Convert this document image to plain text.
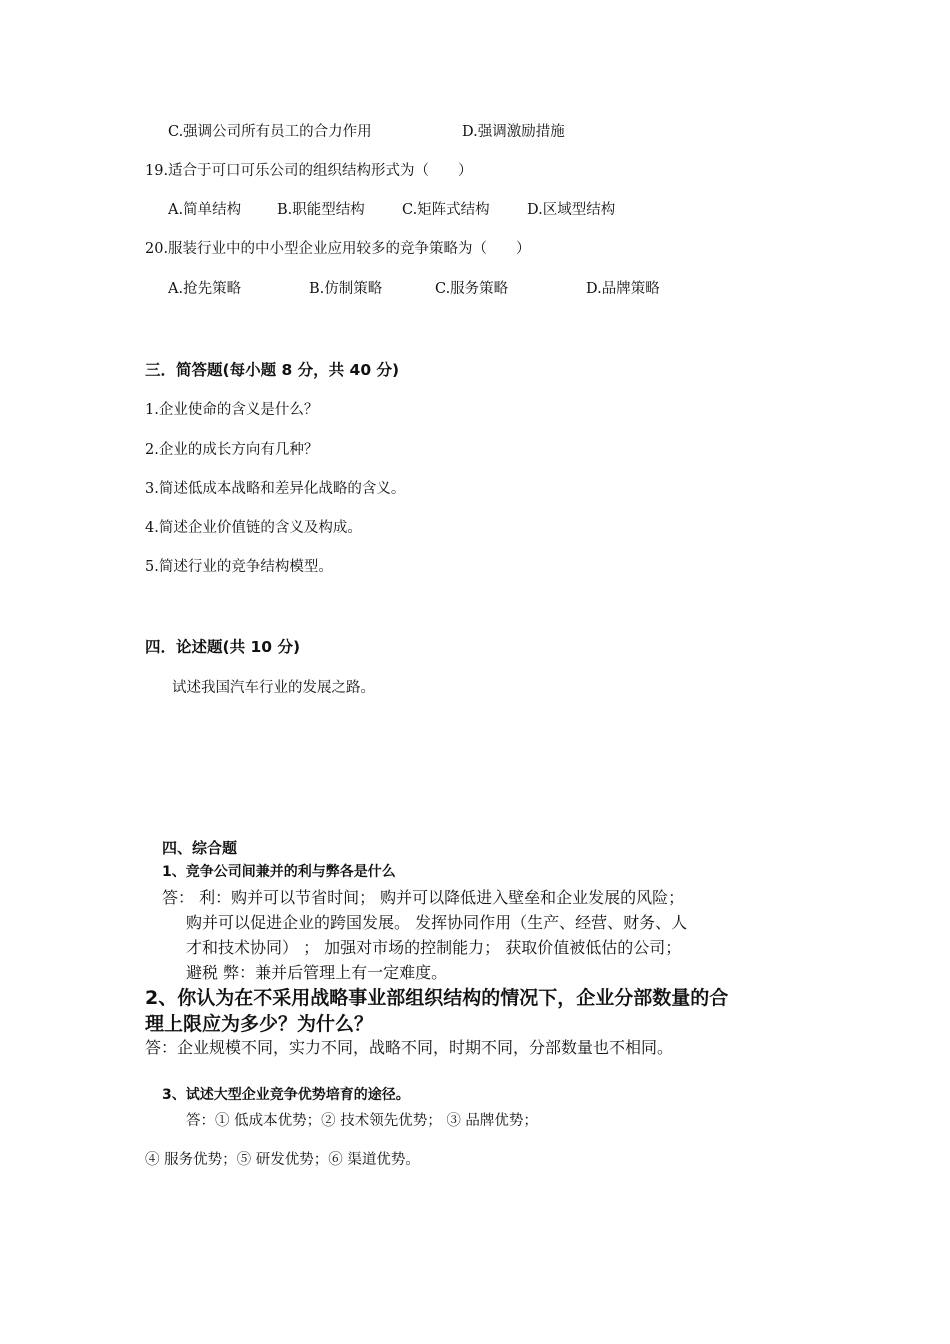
C.强调公司所有员工的合力作用	D.强调激励措施
19.适合于可口可乐公司的组织结构形式为（　　）
A.简单结构 B.职能型结构	C.矩阵式结构	D.区域型结构
20.服装行业中的中小型企业应用较多的竞争策略为（　　）
A.抢先策略	B.仿制策略	C.服务策略	D.品牌策略
三．简答题(每小题 8 分，共 40 分)
1.企业使命的含义是什么？
2.企业的成长方向有几种？
3.简述低成本战略和差异化战略的含义。
4.简述企业价值链的含义及构成。
5.简述行业的竞争结构模型。
四．论述题(共 10 分)
试述我国汽车行业的发展之路。
四、综合题
1、竞争公司间兼并的利与弊各是什么
答： 利：购并可以节省时间； 购并可以降低进入壁垒和企业发展的风险；
购并可以促进企业的跨国发展。 发挥协同作用（生产、经营、财务、人
才和技术协同） ； 加强对市场的控制能力； 获取价值被低估的公司；
避税 弊：兼并后管理上有一定难度。
2、你认为在不采用战略事业部组织结构的情况下，企业分部数量的合
理上限应为多少？为什么？
答：企业规模不同，实力不同，战略不同，时期不同，分部数量也不相同。
3、试述大型企业竞争优势培育的途径。
答：① 低成本优势；② 技术领先优势； ③ 品牌优势；
④ 服务优势；⑤ 研发优势；⑥ 渠道优势。
